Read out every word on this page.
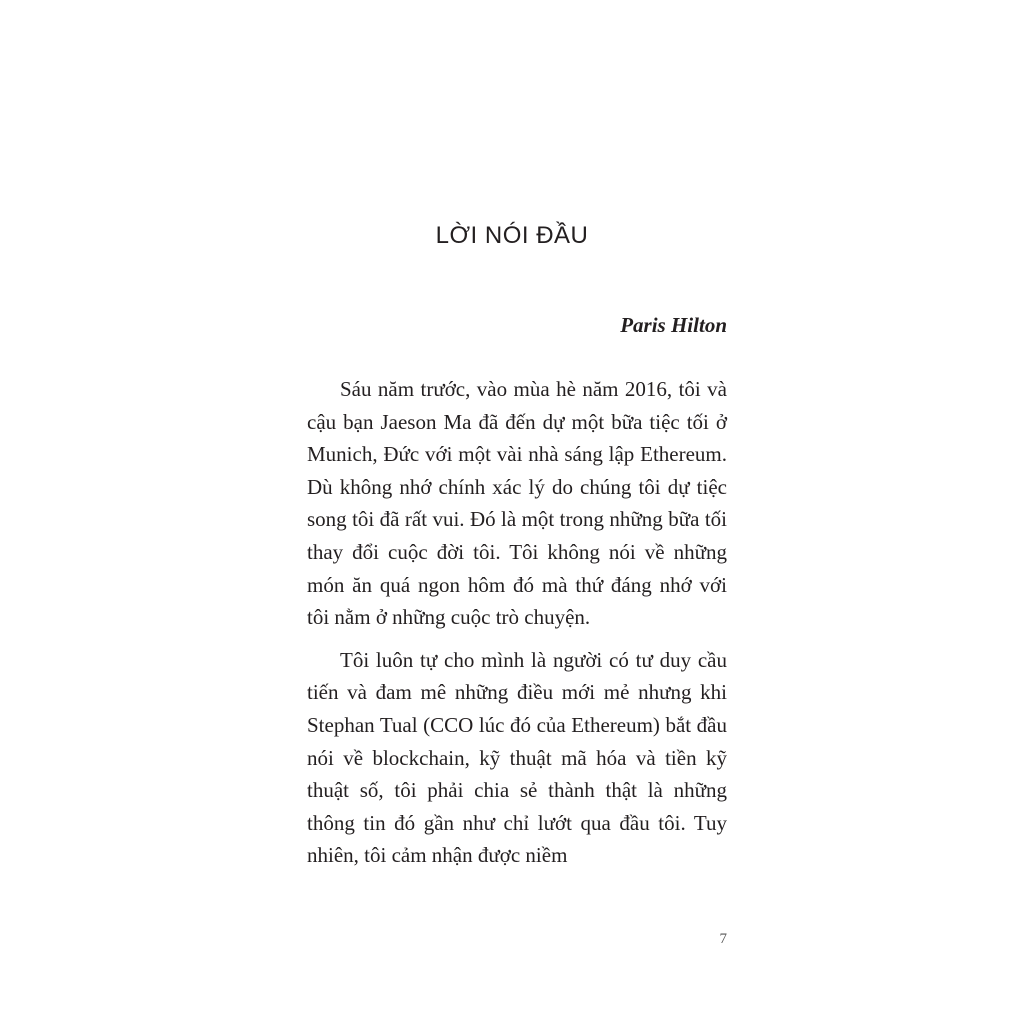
LỜI NÓI ĐẦU
Paris Hilton

Sáu năm trước, vào mùa hè năm 2016, tôi và cậu bạn Jaeson Ma đã đến dự một bữa tiệc tối ở Munich, Đức với một vài nhà sáng lập Ethereum. Dù không nhớ chính xác lý do chúng tôi dự tiệc song tôi đã rất vui. Đó là một trong những bữa tối thay đổi cuộc đời tôi. Tôi không nói về những món ăn quá ngon hôm đó mà thứ đáng nhớ với tôi nằm ở những cuộc trò chuyện.

Tôi luôn tự cho mình là người có tư duy cầu tiến và đam mê những điều mới mẻ nhưng khi Stephan Tual (CCO lúc đó của Ethereum) bắt đầu nói về blockchain, kỹ thuật mã hóa và tiền kỹ thuật số, tôi phải chia sẻ thành thật là những thông tin đó gần như chỉ lướt qua đầu tôi. Tuy nhiên, tôi cảm nhận được niềm

7
